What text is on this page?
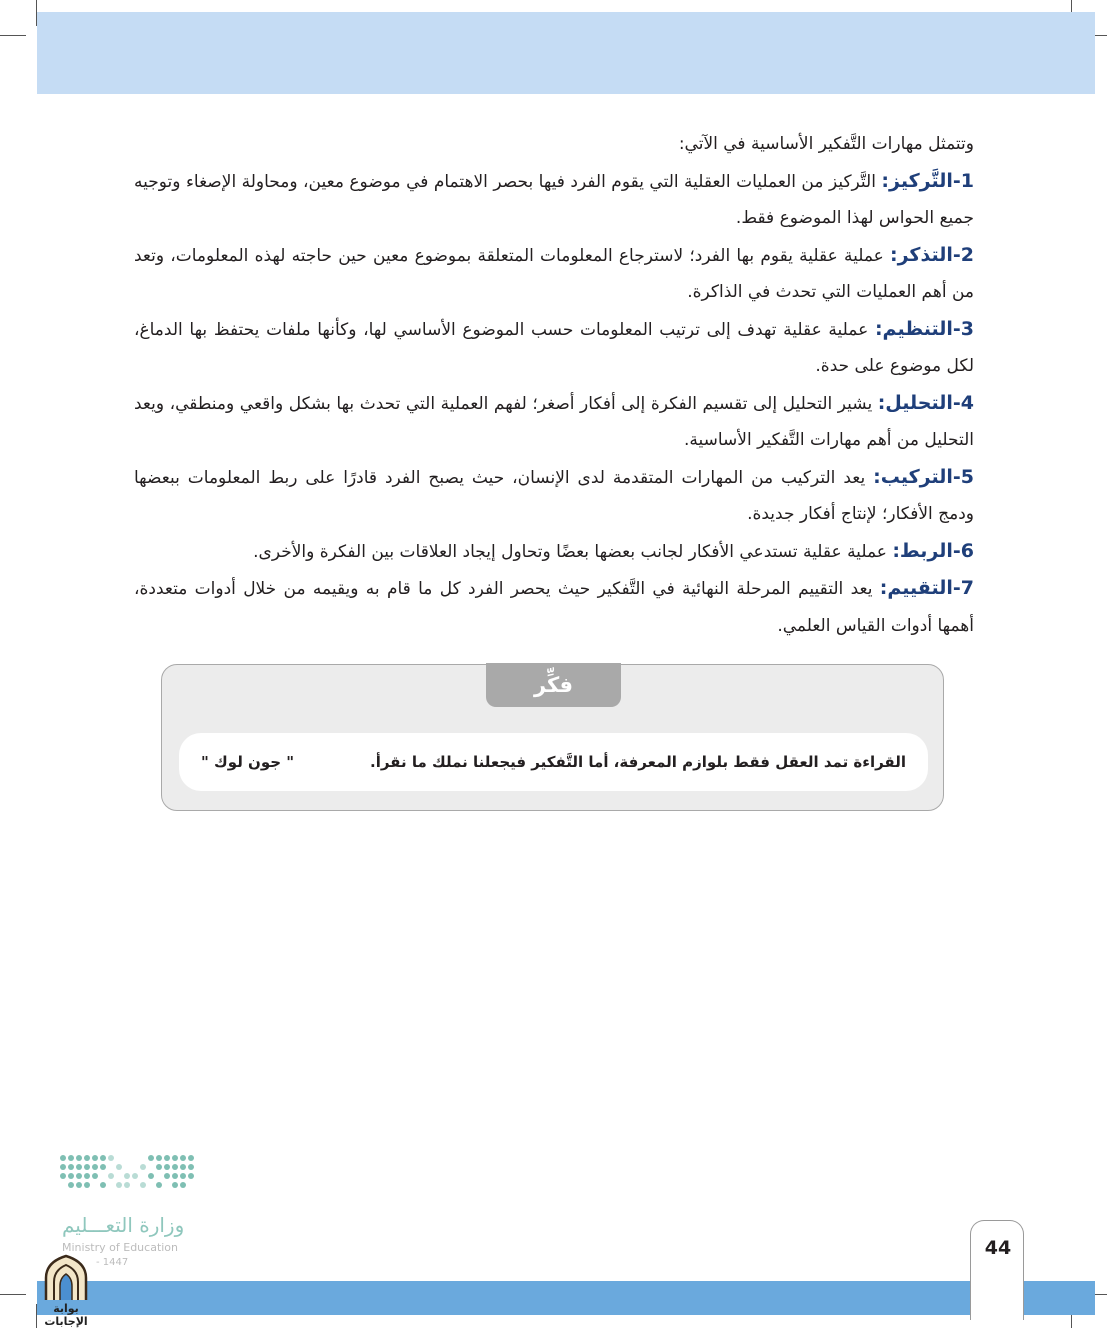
وتتمثل مهارات التَّفكير الأساسية في الآتي:

1-التَّركيز: التَّركيز من العمليات العقلية التي يقوم الفرد فيها بحصر الاهتمام في موضوع معين، ومحاولة الإصغاء وتوجيه جميع الحواس لهذا الموضوع فقط.

2-التذكر: عملية عقلية يقوم بها الفرد؛ لاسترجاع المعلومات المتعلقة بموضوع معين حين حاجته لهذه المعلومات، وتعد من أهم العمليات التي تحدث في الذاكرة.

3-التنظيم: عملية عقلية تهدف إلى ترتيب المعلومات حسب الموضوع الأساسي لها، وكأنها ملفات يحتفظ بها الدماغ، لكل موضوع على حدة.

4-التحليل: يشير التحليل إلى تقسيم الفكرة إلى أفكار أصغر؛ لفهم العملية التي تحدث بها بشكل واقعي ومنطقي، ويعد التحليل من أهم مهارات التَّفكير الأساسية.

5-التركيب: يعد التركيب من المهارات المتقدمة لدى الإنسان، حيث يصبح الفرد قادرًا على ربط المعلومات ببعضها ودمج الأفكار؛ لإنتاج أفكار جديدة.

6-الربط: عملية عقلية تستدعي الأفكار لجانب بعضها بعضًا وتحاول إيجاد العلاقات بين الفكرة والأخرى.

7-التقييم: يعد التقييم المرحلة النهائية في التَّفكير حيث يحصر الفرد كل ما قام به ويقيمه من خلال أدوات متعددة، أهمها أدوات القياس العلمي.

فكِّر
القراءة تمد العقل فقط بلوازم المعرفة، أما التَّفكير فيجعلنا نملك ما نقرأ.
" جون لوك "
وزارة التعـــليم
Ministry of Education
- 1447
44
بوابة الإجابات
